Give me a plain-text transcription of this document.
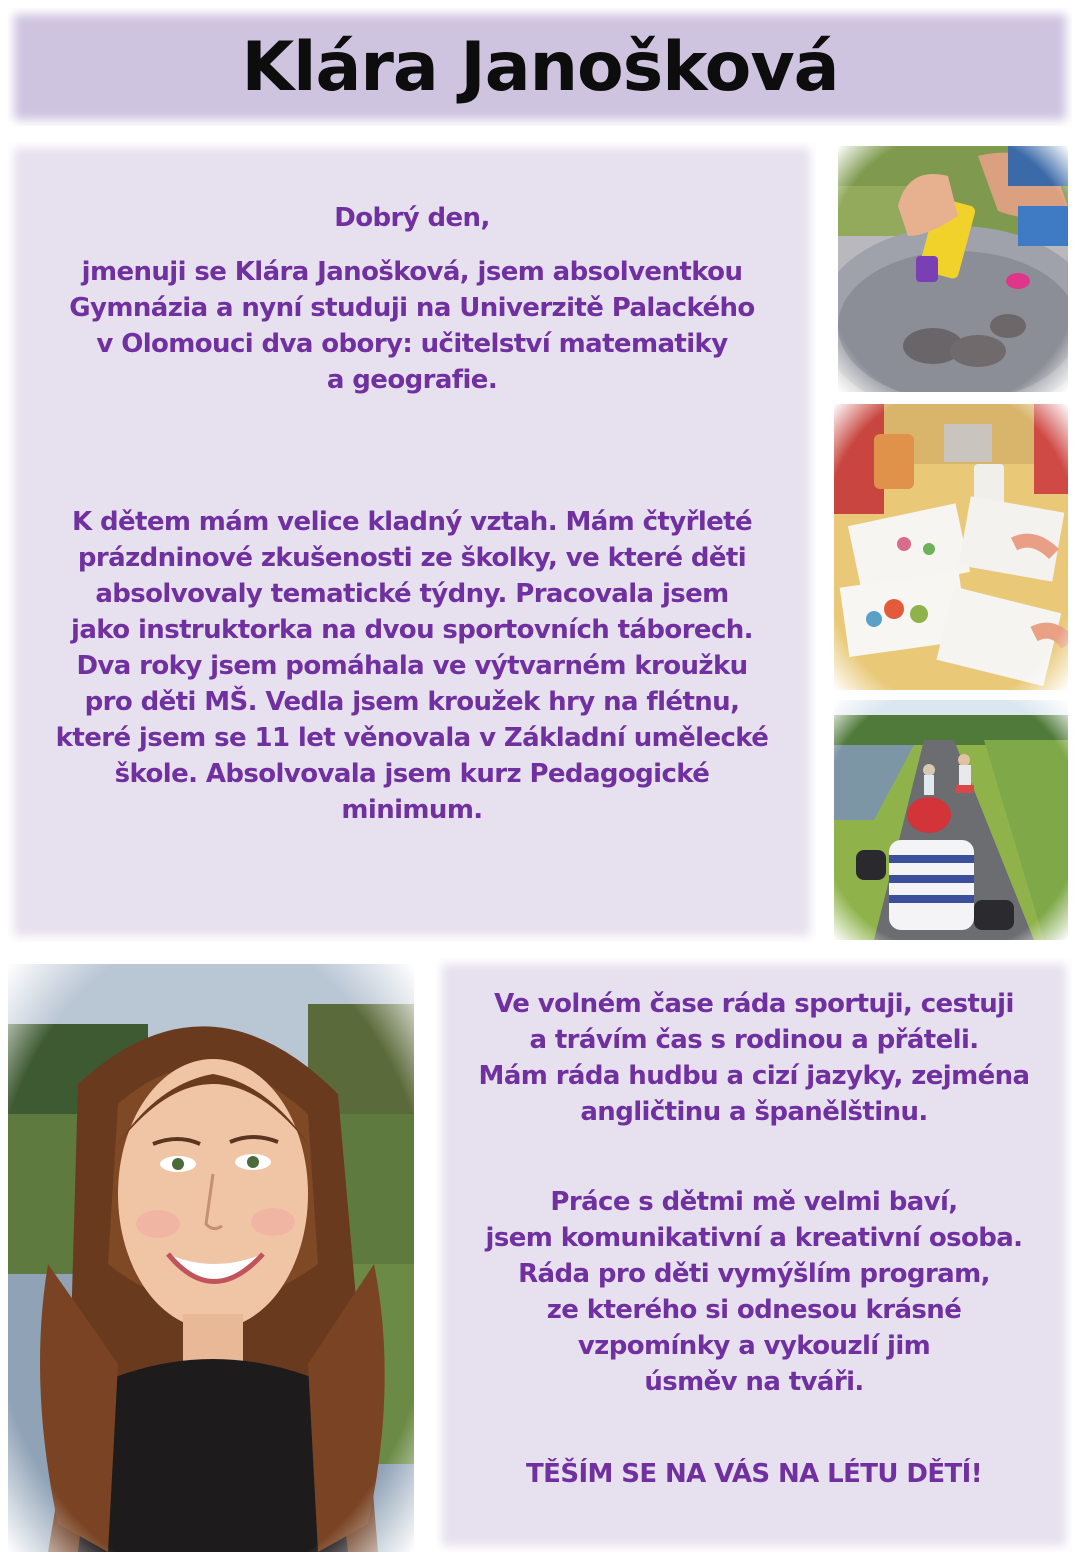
Klára Janošková
Dobrý den,
jmenuji se Klára Janošková, jsem absolventkou
Gymnázia a nyní studuji na Univerzitě Palackého
v Olomouci dva obory: učitelství matematiky
a geografie.
K dětem mám velice kladný vztah. Mám čtyřleté
prázdninové zkušenosti ze školky, ve které děti
absolvovaly tematické týdny. Pracovala jsem
jako instruktorka na dvou sportovních táborech.
Dva roky jsem pomáhala ve výtvarném kroužku
pro děti MŠ. Vedla jsem kroužek hry na flétnu,
které jsem se 11 let věnovala v Základní umělecké
škole. Absolvovala jsem kurz Pedagogické
minimum.
Ve volném čase ráda sportuji, cestuji
a trávím čas s rodinou a přáteli.
Mám ráda hudbu a cizí jazyky, zejména
angličtinu a španělštinu.
Práce s dětmi mě velmi baví,
jsem komunikativní a kreativní osoba.
Ráda pro děti vymýšlím program,
ze kterého si odnesou krásné
vzpomínky a vykouzlí jim
úsměv na tváři.
TĚŠÍM SE NA VÁS NA LÉTU DĚTÍ!
